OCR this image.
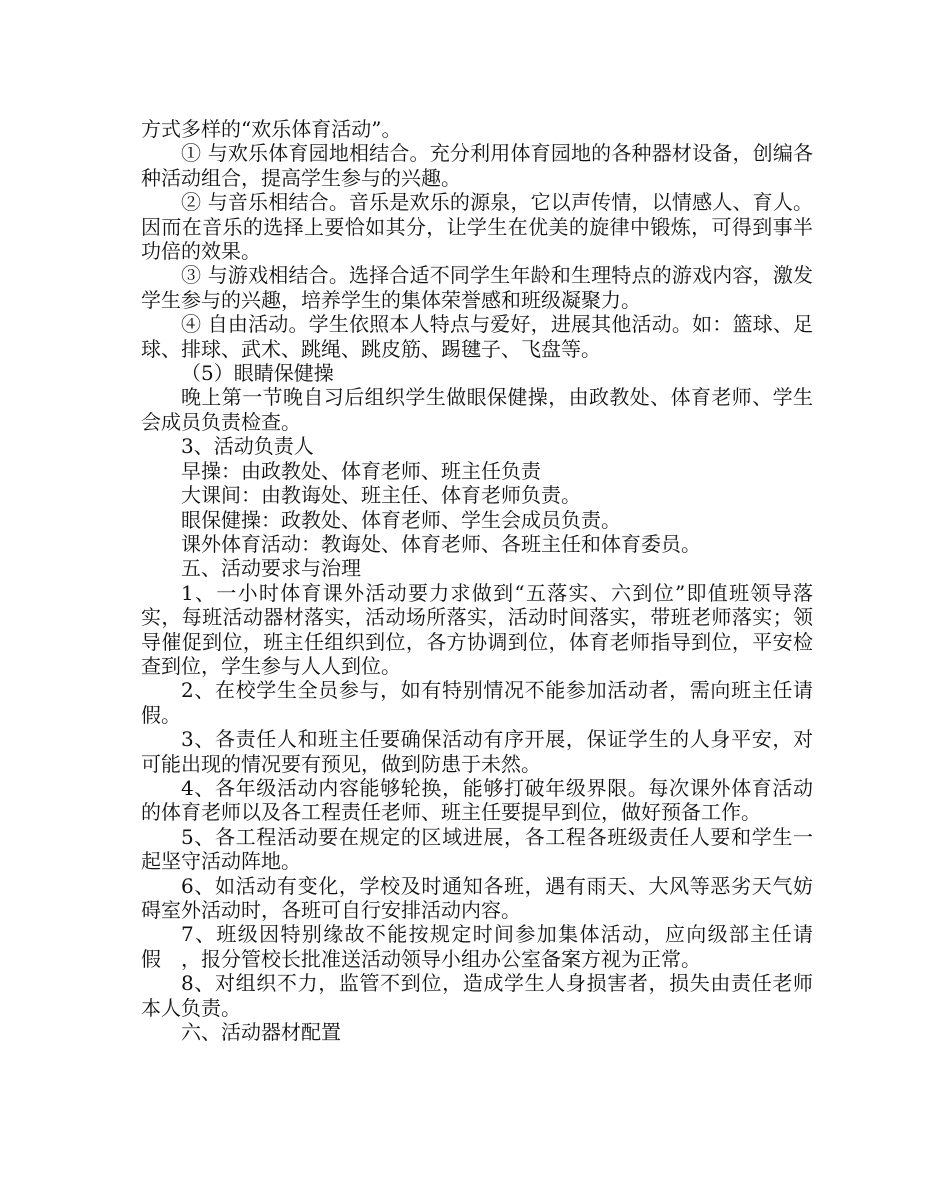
方式多样的“欢乐体育活动”。

① 与欢乐体育园地相结合。充分利用体育园地的各种器材设备，创编各种活动组合，提高学生参与的兴趣。

② 与音乐相结合。音乐是欢乐的源泉，它以声传情，以情感人、育人。因而在音乐的选择上要恰如其分，让学生在优美的旋律中锻炼，可得到事半功倍的效果。

③ 与游戏相结合。选择合适不同学生年龄和生理特点的游戏内容，激发学生参与的兴趣，培养学生的集体荣誉感和班级凝聚力。

④ 自由活动。学生依照本人特点与爱好，进展其他活动。如：篮球、足球、排球、武术、跳绳、跳皮筋、踢毽子、飞盘等。

（5）眼睛保健操

晚上第一节晚自习后组织学生做眼保健操，由政教处、体育老师、学生会成员负责检查。

3、活动负责人

早操：由政教处、体育老师、班主任负责

大课间：由教诲处、班主任、体育老师负责。

眼保健操：政教处、体育老师、学生会成员负责。

课外体育活动：教诲处、体育老师、各班主任和体育委员。

五、活动要求与治理

1、一小时体育课外活动要力求做到“五落实、六到位”即值班领导落实，每班活动器材落实，活动场所落实，活动时间落实，带班老师落实；领导催促到位，班主任组织到位，各方协调到位，体育老师指导到位，平安检查到位，学生参与人人到位。

2、在校学生全员参与，如有特别情况不能参加活动者，需向班主任请假。

3、各责任人和班主任要确保活动有序开展，保证学生的人身平安，对可能出现的情况要有预见，做到防患于未然。

4、各年级活动内容能够轮换，能够打破年级界限。每次课外体育活动的体育老师以及各工程责任老师、班主任要提早到位，做好预备工作。

5、各工程活动要在规定的区域进展，各工程各班级责任人要和学生一起坚守活动阵地。

6、如活动有变化，学校及时通知各班，遇有雨天、大风等恶劣天气妨碍室外活动时，各班可自行安排活动内容。

7、班级因特别缘故不能按规定时间参加集体活动，应向级部主任请假　，报分管校长批准送活动领导小组办公室备案方视为正常。

8、对组织不力，监管不到位，造成学生人身损害者，损失由责任老师本人负责。

六、活动器材配置
